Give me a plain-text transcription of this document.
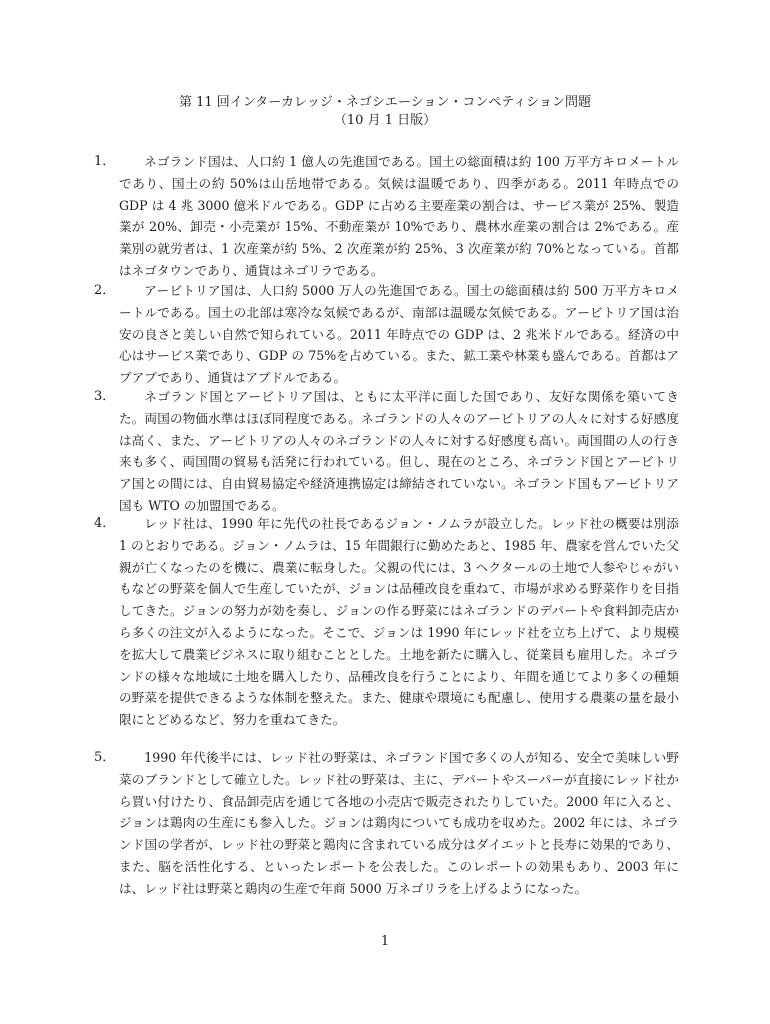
第 11 回インターカレッジ・ネゴシエーション・コンペティション問題
（10 月 1 日版）
1．	ネゴランド国は、人口約 1 億人の先進国である。国土の総面積は約 100 万平方キロメートルであり、国土の約 50%は山岳地帯である。気候は温暖であり、四季がある。2011 年時点での GDP は 4 兆 3000 億米ドルである。GDP に占める主要産業の割合は、サービス業が 25%、製造業が 20%、卸売・小売業が 15%、不動産業が 10%であり、農林水産業の割合は 2%である。産業別の就労者は、1 次産業が約 5%、2 次産業が約 25%、3 次産業が約 70%となっている。首都はネゴタウンであり、通貨はネゴリラである。

2．	アービトリア国は、人口約 5000 万人の先進国である。国土の総面積は約 500 万平方キロメートルである。国土の北部は寒冷な気候であるが、南部は温暖な気候である。アービトリア国は治安の良さと美しい自然で知られている。2011 年時点での GDP は、2 兆米ドルである。経済の中心はサービス業であり、GDP の 75%を占めている。また、鉱工業や林業も盛んである。首都はアブアブであり、通貨はアブドルである。

3．	ネゴランド国とアービトリア国は、ともに太平洋に面した国であり、友好な関係を築いてきた。両国の物価水準はほぼ同程度である。ネゴランドの人々のアービトリアの人々に対する好感度は高く、また、アービトリアの人々のネゴランドの人々に対する好感度も高い。両国間の人の行き来も多く、両国間の貿易も活発に行われている。但し、現在のところ、ネゴランド国とアービトリア国との間には、自由貿易協定や経済連携協定は締結されていない。ネゴランド国もアービトリア国も WTO の加盟国である。

4．	レッド社は、1990 年に先代の社長であるジョン・ノムラが設立した。レッド社の概要は別添 1 のとおりである。ジョン・ノムラは、15 年間銀行に勤めたあと、1985 年、農家を営んでいた父親が亡くなったのを機に、農業に転身した。父親の代には、3 ヘクタールの土地で人参やじゃがいもなどの野菜を個人で生産していたが、ジョンは品種改良を重ねて、市場が求める野菜作りを目指してきた。ジョンの努力が効を奏し、ジョンの作る野菜にはネゴランドのデパートや食料卸売店から多くの注文が入るようになった。そこで、ジョンは 1990 年にレッド社を立ち上げて、より規模を拡大して農業ビジネスに取り組むこととした。土地を新たに購入し、従業員も雇用した。ネゴランドの様々な地域に土地を購入したり、品種改良を行うことにより、年間を通じてより多くの種類の野菜を提供できるような体制を整えた。また、健康や環境にも配慮し、使用する農薬の量を最小限にとどめるなど、努力を重ねてきた。

5．	1990 年代後半には、レッド社の野菜は、ネゴランド国で多くの人が知る、安全で美味しい野菜のブランドとして確立した。レッド社の野菜は、主に、デパートやスーパーが直接にレッド社から買い付けたり、食品卸売店を通じて各地の小売店で販売されたりしていた。2000 年に入ると、ジョンは鶏肉の生産にも参入した。ジョンは鶏肉についても成功を収めた。2002 年には、ネゴランド国の学者が、レッド社の野菜と鶏肉に含まれている成分はダイエットと長寿に効果的であり、また、脳を活性化する、といったレポートを公表した。このレポートの効果もあり、2003 年には、レッド社は野菜と鶏肉の生産で年商 5000 万ネゴリラを上げるようになった。

1
